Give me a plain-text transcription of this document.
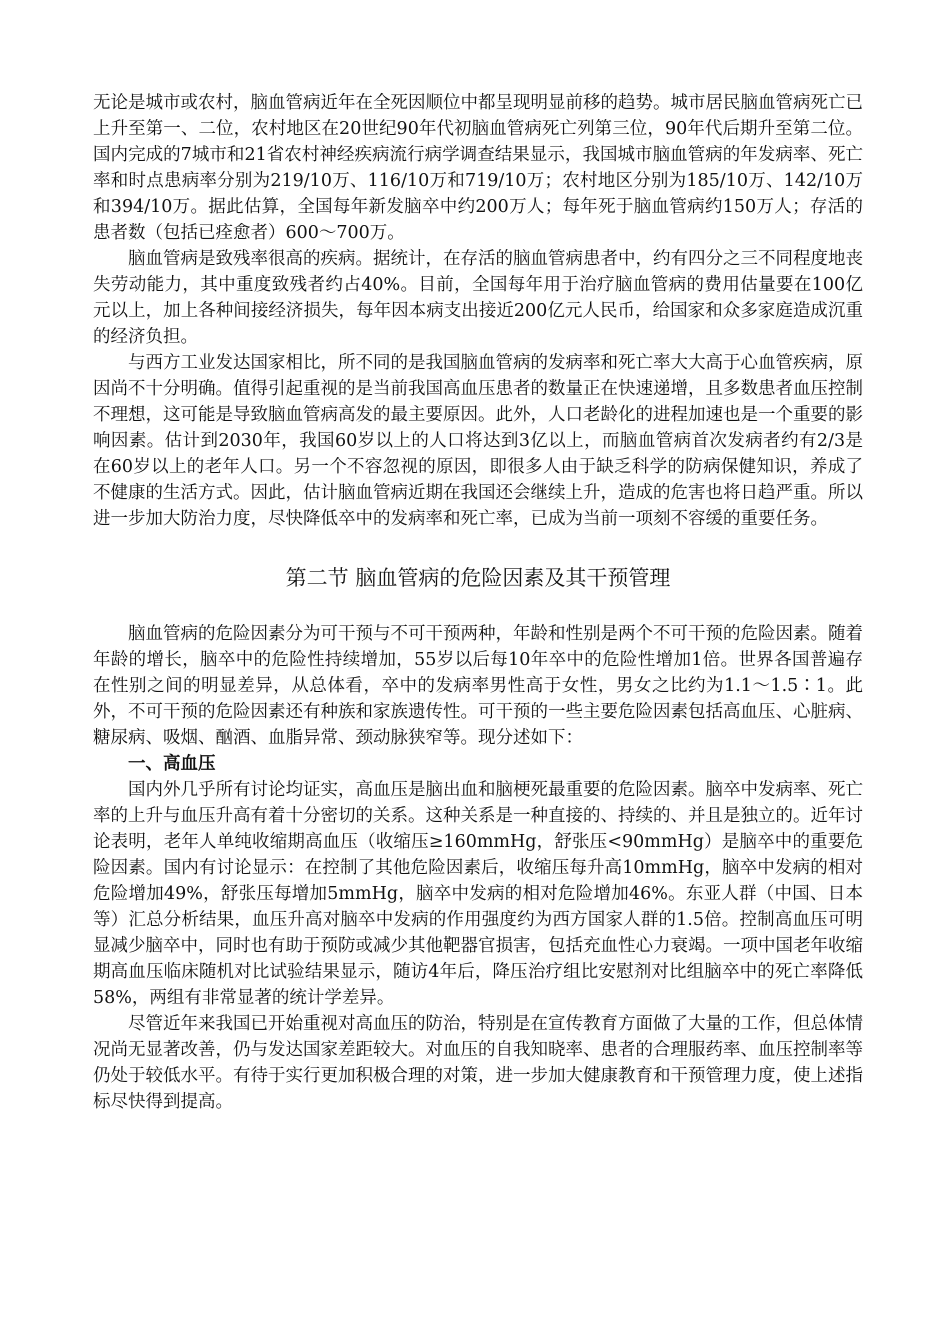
无论是城市或农村，脑血管病近年在全死因顺位中都呈现明显前移的趋势。城市居民脑血管病死亡已上升至第一、二位，农村地区在20世纪90年代初脑血管病死亡列第三位，90年代后期升至第二位。国内完成的7城市和21省农村神经疾病流行病学调查结果显示，我国城市脑血管病的年发病率、死亡率和时点患病率分别为219/10万、116/10万和719/10万；农村地区分别为185/10万、142/10万和394/10万。据此估算，全国每年新发脑卒中约200万人；每年死于脑血管病约150万人；存活的患者数（包括已痊愈者）600～700万。

脑血管病是致残率很高的疾病。据统计，在存活的脑血管病患者中，约有四分之三不同程度地丧失劳动能力，其中重度致残者约占40%。目前，全国每年用于治疗脑血管病的费用估量要在100亿元以上，加上各种间接经济损失，每年因本病支出接近200亿元人民币，给国家和众多家庭造成沉重的经济负担。

与西方工业发达国家相比，所不同的是我国脑血管病的发病率和死亡率大大高于心血管疾病，原因尚不十分明确。值得引起重视的是当前我国高血压患者的数量正在快速递增，且多数患者血压控制不理想，这可能是导致脑血管病高发的最主要原因。此外，人口老龄化的进程加速也是一个重要的影响因素。估计到2030年，我国60岁以上的人口将达到3亿以上，而脑血管病首次发病者约有2/3是在60岁以上的老年人口。另一个不容忽视的原因，即很多人由于缺乏科学的防病保健知识，养成了不健康的生活方式。因此，估计脑血管病近期在我国还会继续上升，造成的危害也将日趋严重。所以进一步加大防治力度，尽快降低卒中的发病率和死亡率，已成为当前一项刻不容缓的重要任务。

第二节 脑血管病的危险因素及其干预管理

脑血管病的危险因素分为可干预与不可干预两种，年龄和性别是两个不可干预的危险因素。随着年龄的增长，脑卒中的危险性持续增加，55岁以后每10年卒中的危险性增加1倍。世界各国普遍存在性别之间的明显差异，从总体看，卒中的发病率男性高于女性，男女之比约为1.1～1.5∶1。此外，不可干预的危险因素还有种族和家族遗传性。可干预的一些主要危险因素包括高血压、心脏病、糖尿病、吸烟、酗酒、血脂异常、颈动脉狭窄等。现分述如下：

一、高血压

国内外几乎所有讨论均证实，高血压是脑出血和脑梗死最重要的危险因素。脑卒中发病率、死亡率的上升与血压升高有着十分密切的关系。这种关系是一种直接的、持续的、并且是独立的。近年讨论表明，老年人单纯收缩期高血压（收缩压≥160mmHg，舒张压<90mmHg）是脑卒中的重要危险因素。国内有讨论显示：在控制了其他危险因素后，收缩压每升高10mmHg，脑卒中发病的相对危险增加49%，舒张压每增加5mmHg，脑卒中发病的相对危险增加46%。东亚人群（中国、日本等）汇总分析结果，血压升高对脑卒中发病的作用强度约为西方国家人群的1.5倍。控制高血压可明显减少脑卒中，同时也有助于预防或减少其他靶器官损害，包括充血性心力衰竭。一项中国老年收缩期高血压临床随机对比试验结果显示，随访4年后，降压治疗组比安慰剂对比组脑卒中的死亡率降低58%，两组有非常显著的统计学差异。

尽管近年来我国已开始重视对高血压的防治，特别是在宣传教育方面做了大量的工作，但总体情况尚无显著改善，仍与发达国家差距较大。对血压的自我知晓率、患者的合理服药率、血压控制率等仍处于较低水平。有待于实行更加积极合理的对策，进一步加大健康教育和干预管理力度，使上述指标尽快得到提高。
